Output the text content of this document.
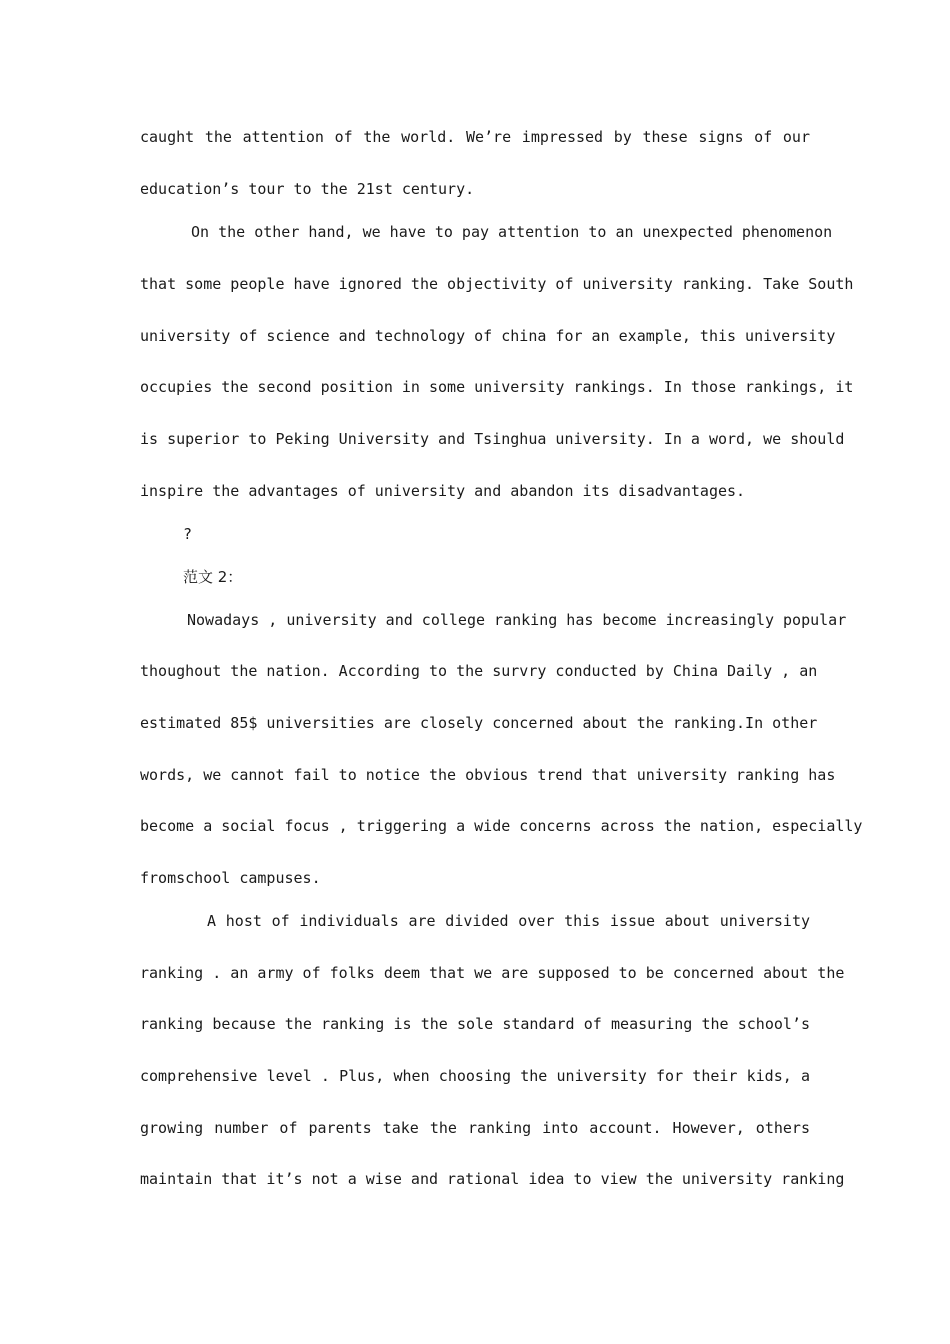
caught the attention of the world. We’re impressed by these signs of our
education’s tour to the 21st century.
On the other hand, we have to pay attention to an unexpected phenomenon
that some people have ignored the objectivity of university ranking. Take South
university of science and technology of china for an example, this university
occupies the second position in some university rankings. In those rankings, it
is superior to Peking University and Tsinghua university. In a word, we should
inspire the advantages of university and abandon its disadvantages.
?
范文 2：
Nowadays , university and college ranking has become increasingly popular
thoughout the nation. According to the survry conducted by China Daily , an
estimated 85$ universities are closely concerned about the ranking.In other
words, we cannot fail to notice the obvious trend that university ranking has
become a social focus , triggering a wide concerns across the nation, especially
fromschool campuses.
A host of individuals are divided over this issue about university
ranking . an army of folks deem that we are supposed to be concerned about the
ranking because the ranking is the sole standard of measuring the school’s
comprehensive level . Plus, when choosing the university for their kids, a
growing number of parents take the ranking into account. However, others
maintain that it’s not a wise and rational idea to view the university ranking
